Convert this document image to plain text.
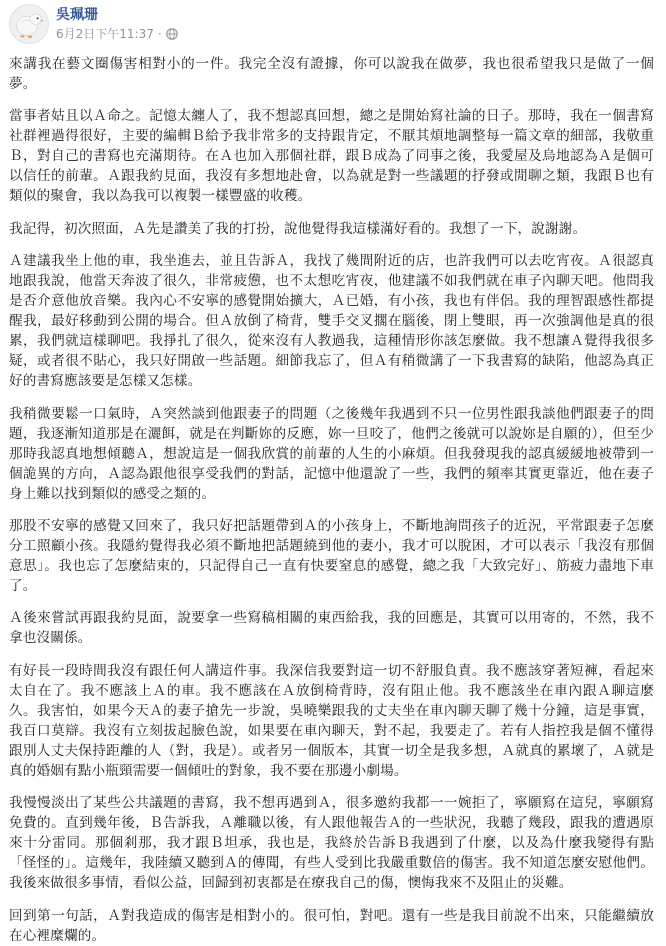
吳珮珊
6月2日下午11:37 ·

來講我在藝文圈傷害相對小的一件。我完全沒有證據，你可以說我在做夢，我也很希望我只是做了一個夢。

當事者姑且以Ａ命之。記憶太纏人了，我不想認真回想，總之是開始寫社論的日子。那時，我在一個書寫社群裡過得很好，主要的編輯Ｂ給予我非常多的支持跟肯定，不厭其煩地調整每一篇文章的細部，我敬重Ｂ，對自己的書寫也充滿期待。在Ａ也加入那個社群，跟Ｂ成為了同事之後，我愛屋及烏地認為Ａ是個可以信任的前輩。Ａ跟我約見面，我沒有多想地赴會，以為就是對一些議題的抒發或閒聊之類，我跟Ｂ也有類似的聚會，我以為我可以複製一樣豐盛的收穫。

我記得，初次照面，Ａ先是讚美了我的打扮，說他覺得我這樣滿好看的。我想了一下，說謝謝。

Ａ建議我坐上他的車，我坐進去，並且告訴Ａ，我找了幾間附近的店，也許我們可以去吃宵夜。Ａ很認真地跟我說，他當天奔波了很久，非常疲憊，也不太想吃宵夜，他建議不如我們就在車子內聊天吧。他問我是否介意他放音樂。我內心不安寧的感覺開始擴大，Ａ已婚，有小孩，我也有伴侶。我的理智跟感性都提醒我，最好移動到公開的場合。但Ａ放倒了椅背，雙手交叉擱在腦後，閉上雙眼，再一次強調他是真的很累，我們就這樣聊吧。我掙扎了很久，從來沒有人教過我，這種情形你該怎麼做。我不想讓Ａ覺得我很多疑，或者很不貼心，我只好開啟一些話題。細節我忘了，但Ａ有稍微講了一下我書寫的缺陷，他認為真正好的書寫應該要是怎樣又怎樣。

我稍微要鬆一口氣時，Ａ突然談到他跟妻子的問題（之後幾年我遇到不只一位男性跟我談他們跟妻子的問題，我逐漸知道那是在灑餌，就是在判斷妳的反應，妳一旦咬了，他們之後就可以說妳是自願的），但至少那時我認真地想傾聽Ａ，想說這是一個我欣賞的前輩的人生的小麻煩。但我發現我的認真緩緩地被帶到一個詭異的方向，Ａ認為跟他很享受我們的對話，記憶中他還說了一些，我們的頻率其實更靠近，他在妻子身上難以找到類似的感受之類的。

那股不安寧的感覺又回來了，我只好把話題帶到Ａ的小孩身上，不斷地詢問孩子的近況，平常跟妻子怎麼分工照顧小孩。我隱約覺得我必須不斷地把話題繞到他的妻小，我才可以脫困，才可以表示「我沒有那個意思」。我也忘了怎麼結束的，只記得自己一直有快要窒息的感覺，總之我「大致完好」、筋疲力盡地下車了。

Ａ後來嘗試再跟我約見面，說要拿一些寫稿相關的東西給我，我的回應是，其實可以用寄的，不然，我不拿也沒關係。

有好長一段時間我沒有跟任何人講這件事。我深信我要對這一切不舒服負責。我不應該穿著短褲，看起來太自在了。我不應該上Ａ的車。我不應該在Ａ放倒椅背時，沒有阻止他。我不應該坐在車內跟Ａ聊這麼久。我害怕，如果今天Ａ的妻子搶先一步說，吳曉樂跟我的丈夫坐在車內聊天聊了幾十分鐘，這是事實，我百口莫辯。我沒有立刻拔起臉色說，如果要在車內聊天，對不起，我要走了。若有人指控我是個不懂得跟別人丈夫保持距離的人（對，我是）。或者另一個版本，其實一切全是我多想，Ａ就真的累壞了，Ａ就是真的婚姻有點小瓶頸需要一個傾吐的對象，我不要在那邊小劇場。

我慢慢淡出了某些公共議題的書寫，我不想再遇到Ａ，很多邀約我都一一婉拒了，寧願寫在這兒，寧願寫免費的。直到幾年後，Ｂ告訴我，Ａ離職以後，有人跟他報告Ａ的一些狀況，我聽了幾段，跟我的遭遇原來十分雷同。那個剎那，我才跟Ｂ坦承，我也是，我終於告訴Ｂ我遇到了什麼，以及為什麼我變得有點「怪怪的」。這幾年，我陸續又聽到Ａ的傳聞，有些人受到比我嚴重數倍的傷害。我不知道怎麼安慰他們。我後來做很多事情，看似公益，回歸到初衷都是在療我自己的傷，懊悔我來不及阻止的災難。

回到第一句話，Ａ對我造成的傷害是相對小的。很可怕，對吧。還有一些是我目前說不出來，只能繼續放在心裡糜爛的。
